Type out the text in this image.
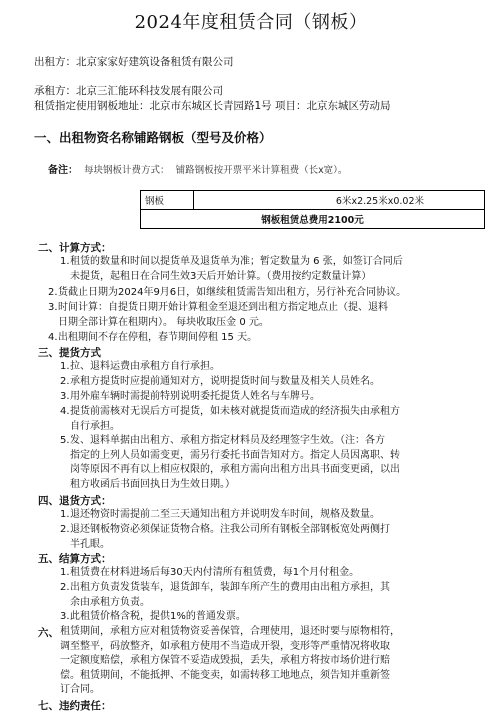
2024年度租赁合同（钢板）
出租方：北京家家好建筑设备租赁有限公司
承租方：北京三汇能环科技发展有限公司
租赁指定使用钢板地址：北京市东城区长青园路1号 项目：北京东城区劳动局
一、出租物资名称铺路钢板（型号及价格）
备注： 每块钢板计费方式： 铺路钢板按开票平米计算租费（长x宽）。
钢板	6米x2.25米x0.02米
钢板租赁总费用2100元
二、计算方式：
1. 租赁的数量和时间以提货单及退货单为准；暂定数量为 6 张，如签订合同后
未提货，起租日在合同生效3天后开始计算。（费用按约定数量计算）
2. 货截止日期为2024年9月6日，如继续租赁需告知出租方，另行补充合同协议。
3. 时间计算：自提货日期开始计算租金至退还到出租方指定地点止（提、退料
日期全部计算在租期内）。 每块收取压金 0 元。
4. 出租期间不存在停租，春节期间停租 15 天。
三、提货方式
1. 拉、退料运费由承租方自行承担。
2. 承租方提货时应提前通知对方，说明提货时间与数量及相关人员姓名。
3. 用外雇车辆时需提前特别说明委托提货人姓名与车牌号。
4. 提货前需核对无误后方可提货，如未核对就提货而造成的经济损失由承租方
自行承担。
5. 发、退料单据由出租方、承租方指定材料员及经理签字生效。（注：各方
指定的上列人员如需变更，需另行委托书面告知对方。指定人员因离职、转
岗等原因不再有以上相应权限的，承租方需向出租方出具书面变更函，以出
租方收函后书面回执日为生效日期。）
四、退货方式：
1. 退还物资时需提前二至三天通知出租方并说明发车时间，规格及数量。
2. 退还钢板物资必须保证货物合格。注我公司所有钢板全部钢板宽处两侧打
半孔眼。
五、结算方式：
1. 租赁费在材料进场后每30天内付清所有租赁费，每1个月付租金。
2. 出租方负责发货装车，退货卸车，装卸车所产生的费用由出租方承担，其
余由承租方负责。
3. 此租赁价格含税，提供1%的普通发票。
六、 租赁期间，承租方应对租赁物资妥善保管，合理使用，退还时要与原物相符，
调至整平，码放整齐，如承租方使用不当造成开裂，变形等严重情况将收取
一定额度赔偿，承租方保管不妥造成毁损，丢失，承租方将按市场价进行赔
偿。租赁期间，不能抵押、不能变卖，如需转移工地地点，须告知并重新签
订合同。
七、违约责任：
